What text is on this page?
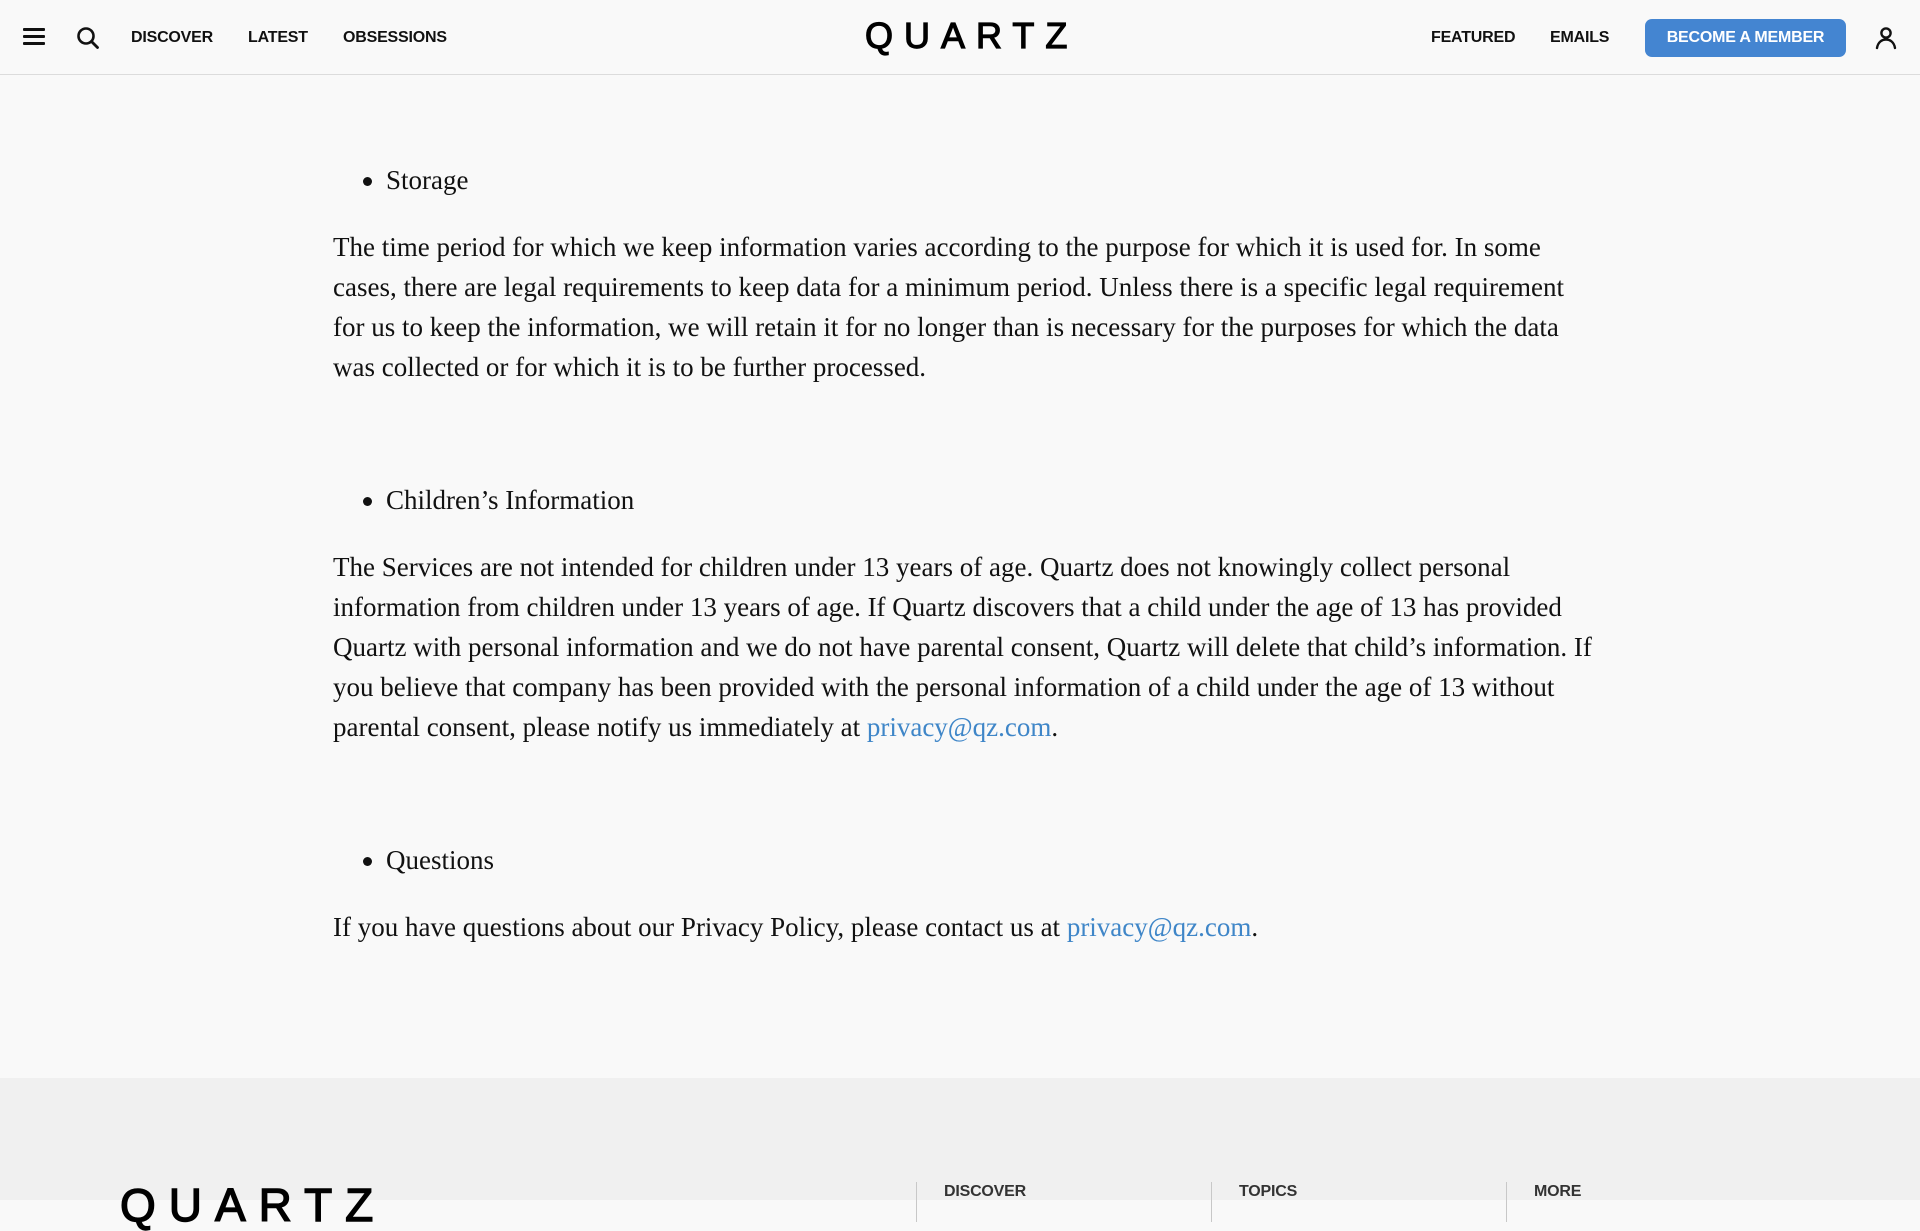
DISCOVER LATEST OBSESSIONS	QUARTZ	FEATURED EMAILS	BECOME A MEMBER
Storage

The time period for which we keep information varies according to the purpose for which it is used for. In some cases, there are legal requirements to keep data for a minimum period. Unless there is a specific legal requirement for us to keep the information, we will retain it for no longer than is necessary for the purposes for which the data was collected or for which it is to be further processed.

Children’s Information

The Services are not intended for children under 13 years of age. Quartz does not knowingly collect personal information from children under 13 years of age. If Quartz discovers that a child under the age of 13 has provided Quartz with personal information and we do not have parental consent, Quartz will delete that child’s information. If you believe that company has been provided with the personal information of a child under the age of 13 without parental consent, please notify us immediately at privacy@qz.com.

Questions

If you have questions about our Privacy Policy, please contact us at privacy@qz.com.

QUARTZ	DISCOVER	TOPICS	MORE
